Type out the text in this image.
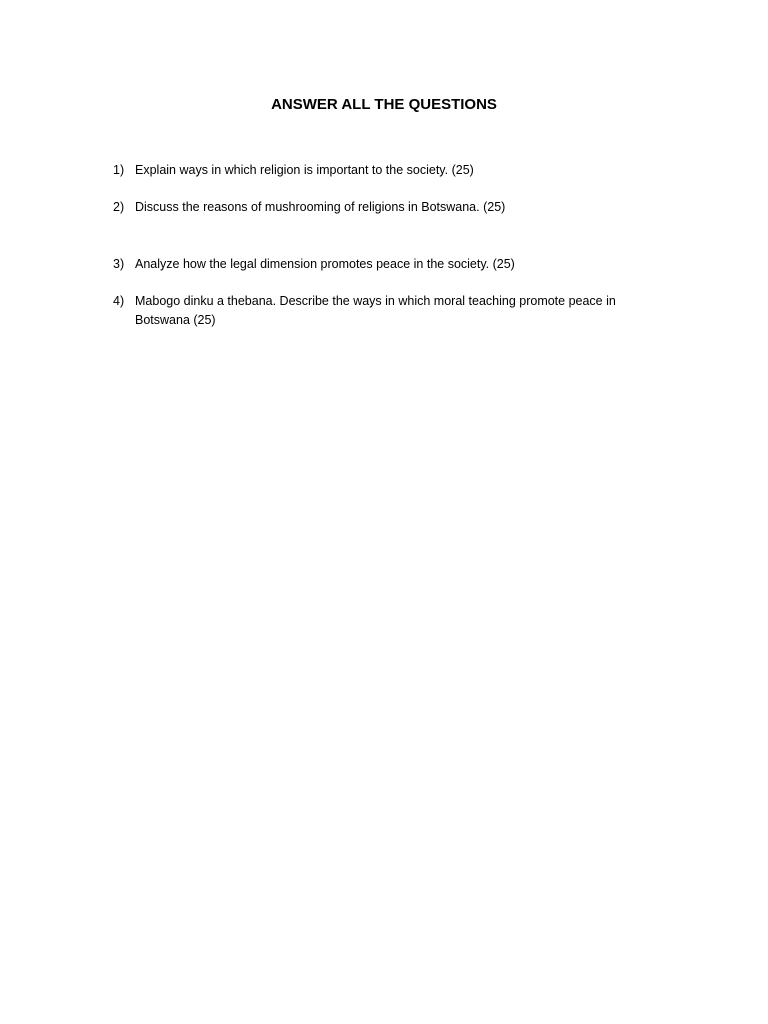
ANSWER ALL THE QUESTIONS
1) Explain ways in which religion is important to the society. (25)
2) Discuss the reasons of mushrooming of religions in Botswana. (25)
3) Analyze how the legal dimension promotes peace in the society. (25)
4) Mabogo dinku a thebana. Describe the ways in which moral teaching promote peace in Botswana (25)
